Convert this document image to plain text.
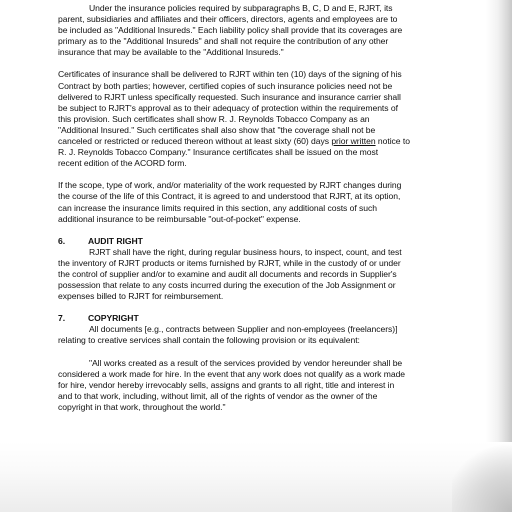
Under the insurance policies required by subparagraphs B, C, D and E, RJRT, its
parent, subsidiaries and affiliates and their officers, directors, agents and employees are to
be included as "Additional Insureds." Each liability policy shall provide that its coverages are
primary as to the "Additional Insureds" and shall not require the contribution of any other
insurance that may be available to the "Additional Insureds."
Certificates of insurance shall be delivered to RJRT within ten (10) days of the signing of his
Contract by both parties; however, certified copies of such insurance policies need not be
delivered to RJRT unless specifically requested. Such insurance and insurance carrier shall
be subject to RJRT's approval as to their adequacy of protection within the requirements of
this provision. Such certificates shall show R. J. Reynolds Tobacco Company as an
"Additional Insured." Such certificates shall also show that "the coverage shall not be
canceled or restricted or reduced thereon without at least sixty (60) days prior written notice to
R. J. Reynolds Tobacco Company." Insurance certificates shall be issued on the most
recent edition of the ACORD form.
If the scope, type of work, and/or materiality of the work requested by RJRT changes during
the course of the life of this Contract, it is agreed to and understood that RJRT, at its option,
can increase the insurance limits required in this section, any additional costs of such
additional insurance to be reimbursable "out-of-pocket" expense.
6.	AUDIT RIGHT
RJRT shall have the right, during regular business hours, to inspect, count, and test
the inventory of RJRT products or items furnished by RJRT, while in the custody of or under
the control of supplier and/or to examine and audit all documents and records in Supplier's
possession that relate to any costs incurred during the execution of the Job Assignment or
expenses billed to RJRT for reimbursement.
7.	COPYRIGHT
All documents [e.g., contracts between Supplier and non-employees (freelancers)]
relating to creative services shall contain the following provision or its equivalent:
"All works created as a result of the services provided by vendor hereunder shall be
considered a work made for hire. In the event that any work does not qualify as a work made
for hire, vendor hereby irrevocably sells, assigns and grants to all right, title and interest in
and to that work, including, without limit, all of the rights of vendor as the owner of the
copyright in that work, throughout the world."
